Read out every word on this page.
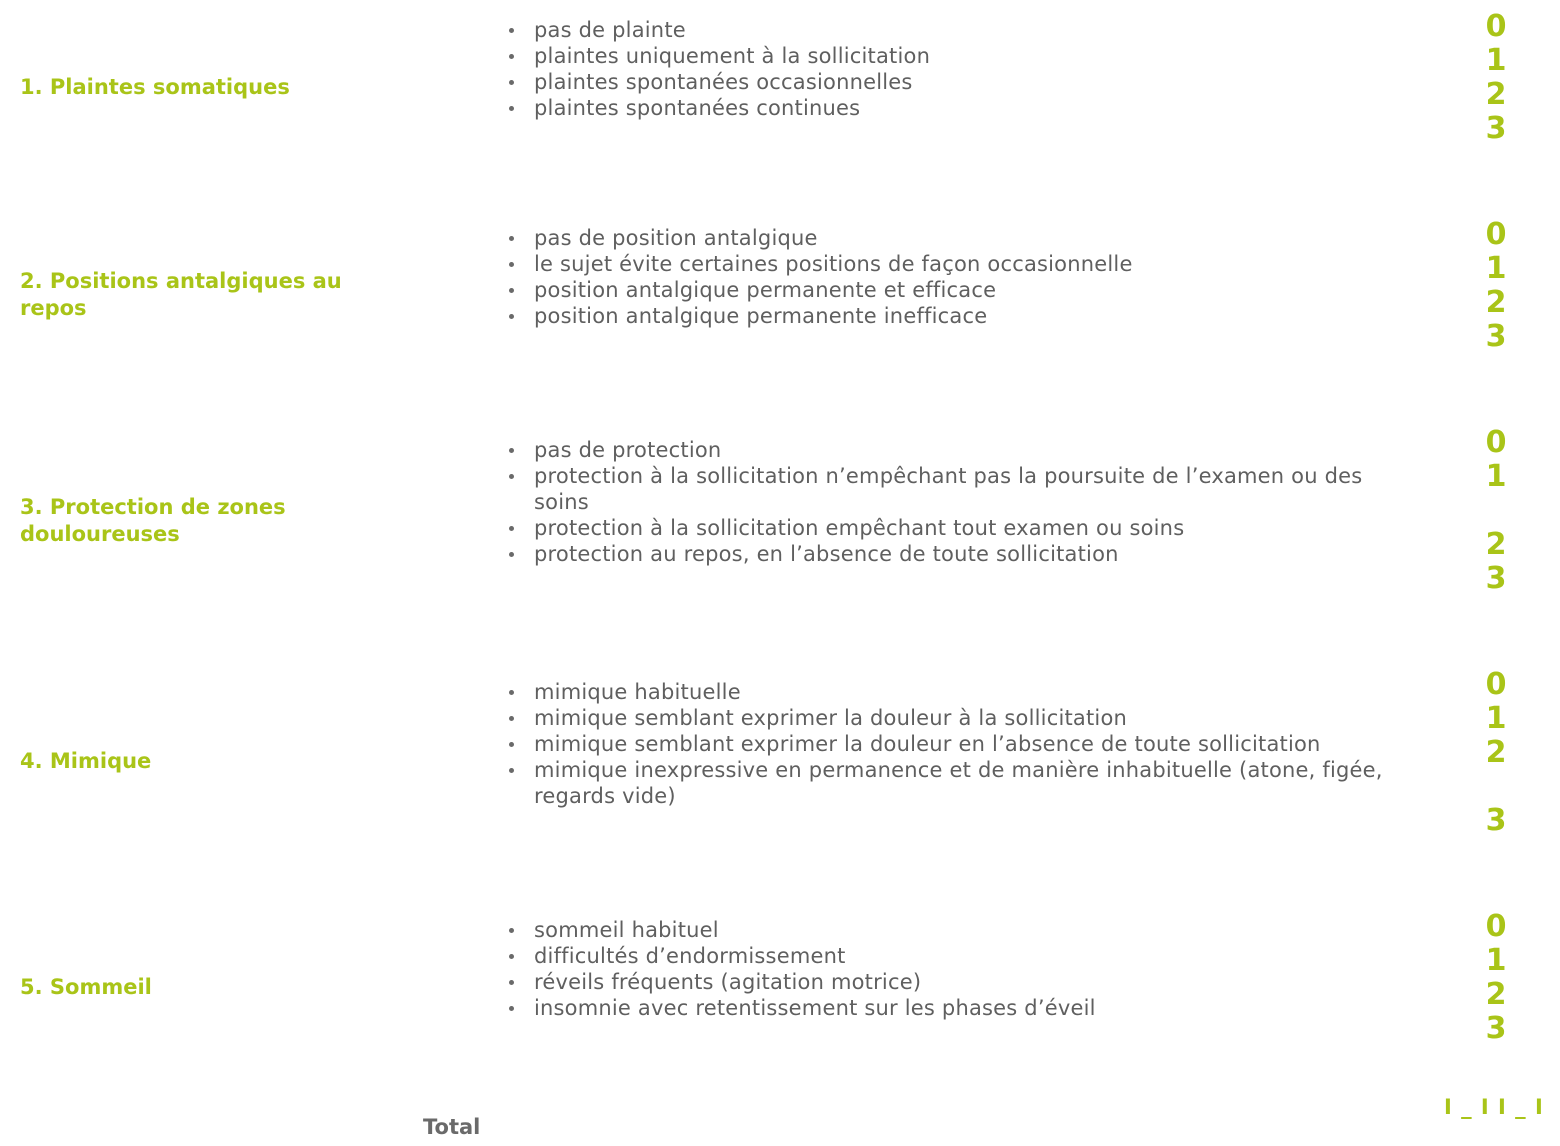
1. Plaintes somatiques
pas de plainte
plaintes uniquement à la sollicitation
plaintes spontanées occasionnelles
plaintes spontanées continues
0
1
2
3
2. Positions antalgiques au repos
pas de position antalgique
le sujet évite certaines positions de façon occasionnelle
position antalgique permanente et efficace
position antalgique permanente inefficace
0
1
2
3
3. Protection de zones douloureuses
pas de protection
protection à la sollicitation n’empêchant pas la poursuite de l’examen ou des soins
protection à la sollicitation empêchant tout examen ou soins
protection au repos, en l’absence de toute sollicitation
0
1
2
3
4. Mimique
mimique habituelle
mimique semblant exprimer la douleur à la sollicitation
mimique semblant exprimer la douleur en l’absence de toute sollicitation
mimique inexpressive en permanence et de manière inhabituelle (atone, figée, regards vide)
0
1
2
3
5. Sommeil
sommeil habituel
difficultés d’endormissement
réveils fréquents (agitation motrice)
insomnie avec retentissement sur les phases d’éveil
0
1
2
3
Total
I _ I I _ I
